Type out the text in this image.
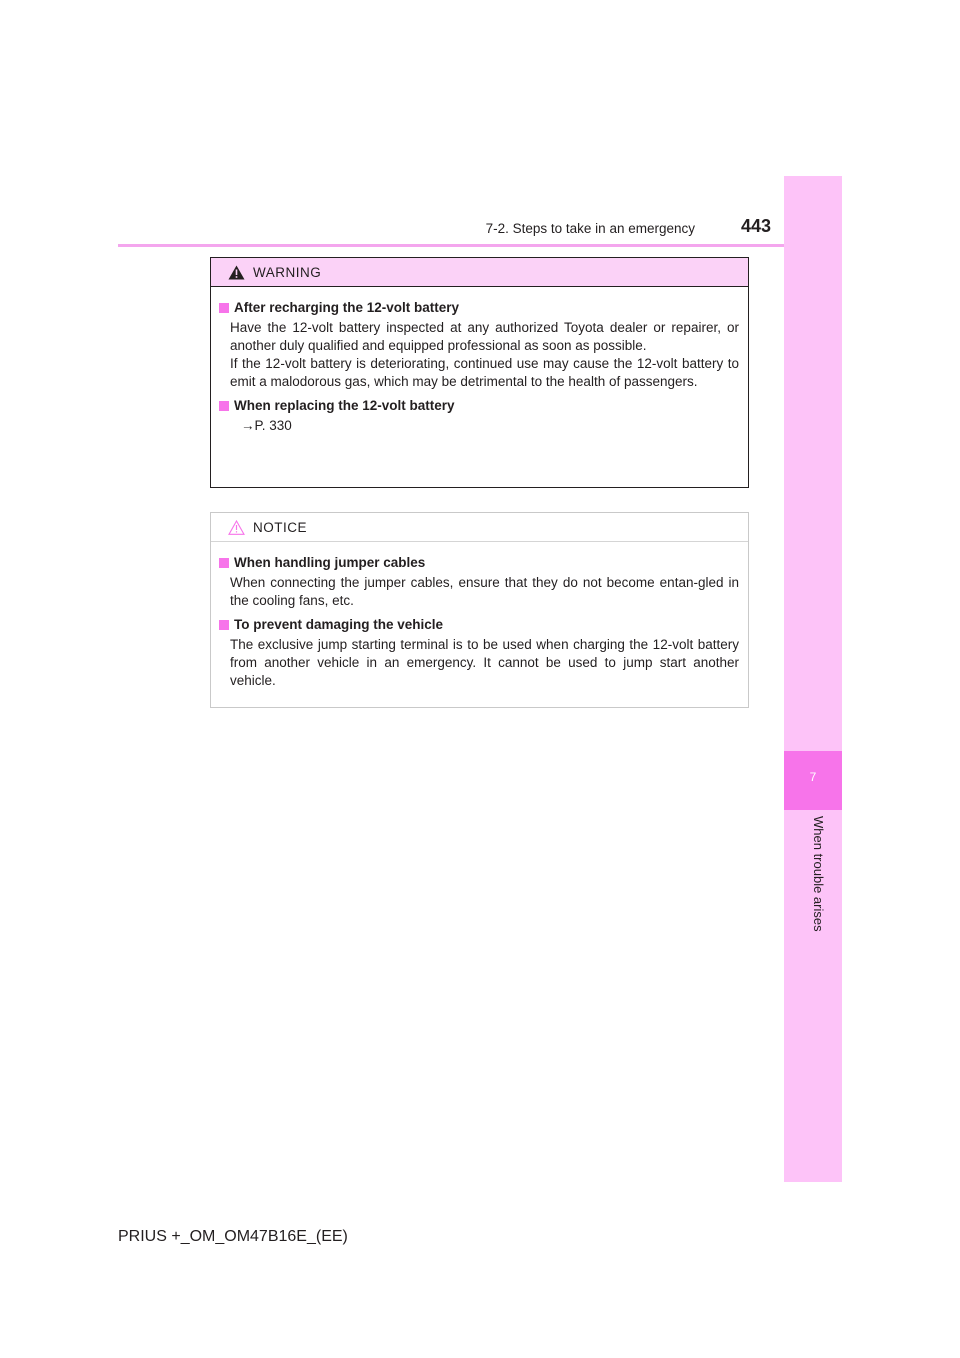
7-2. Steps to take in an emergency	443
7
When trouble arises
WARNING
After recharging the 12-volt battery
Have the 12-volt battery inspected at any authorized Toyota dealer or repairer, or another duly qualified and equipped professional as soon as possible.
If the 12-volt battery is deteriorating, continued use may cause the 12-volt battery to emit a malodorous gas, which may be detrimental to the health of passengers.
When replacing the 12-volt battery
→P. 330
NOTICE
When handling jumper cables
When connecting the jumper cables, ensure that they do not become entan-gled in the cooling fans, etc.
To prevent damaging the vehicle
The exclusive jump starting terminal is to be used when charging the 12-volt battery from another vehicle in an emergency. It cannot be used to jump start another vehicle.
PRIUS +_OM_OM47B16E_(EE)
